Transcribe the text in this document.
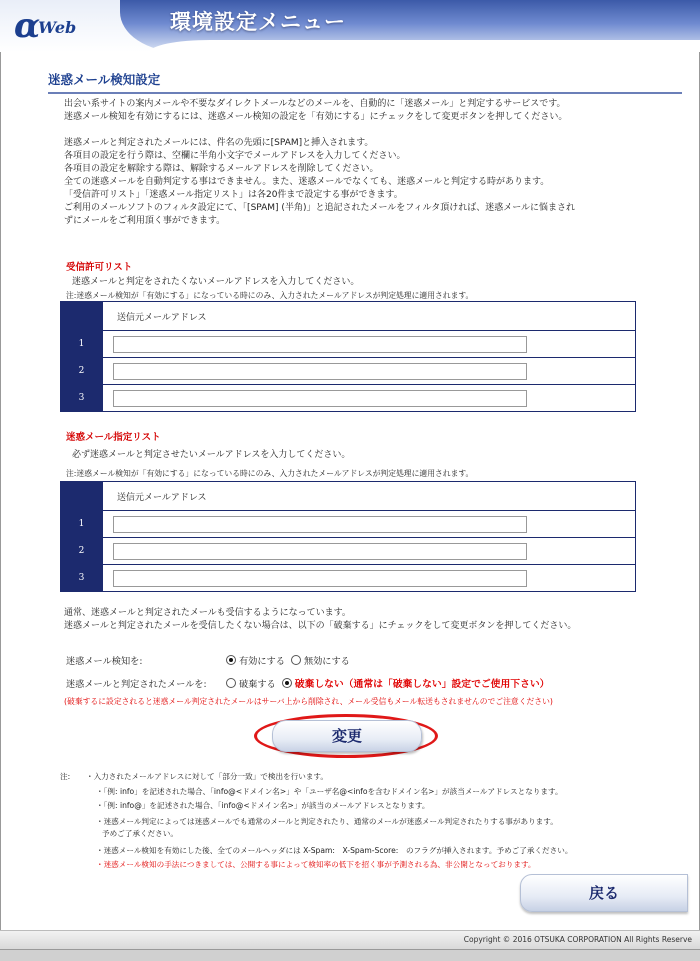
αWeb	環境設定メニュー
迷惑メール検知設定

出会い系サイトの案内メールや不要なダイレクトメールなどのメールを、自動的に「迷惑メール」と判定するサービスです。

迷惑メール検知を有効にするには、迷惑メール検知の設定を「有効にする」にチェックをして変更ボタンを押してください。

迷惑メールと判定されたメールには、件名の先頭に[SPAM]と挿入されます。

各項目の設定を行う際は、空欄に半角小文字でメールアドレスを入力してください。

各項目の設定を解除する際は、解除するメールアドレスを削除してください。

全ての迷惑メールを自動判定する事はできません。また、迷惑メールでなくても、迷惑メールと判定する時があります。

「受信許可リスト」「迷惑メール指定リスト」は各20件まで設定する事ができます。

ご利用のメールソフトのフィルタ設定にて、「[SPAM] (半角)」と追記されたメールをフィルタ頂ければ、迷惑メールに悩まされ

ずにメールをご利用頂く事ができます。

受信許可リスト
迷惑メールと判定をされたくないメールアドレスを入力してください。
注:迷惑メール検知が「有効にする」になっている時にのみ、入力されたメールアドレスが判定処理に適用されます。
	送信元メールアドレス
1	
2	
3	
迷惑メール指定リスト
必ず迷惑メールと判定させたいメールアドレスを入力してください。
注:迷惑メール検知が「有効にする」になっている時にのみ、入力されたメールアドレスが判定処理に適用されます。
	送信元メールアドレス
1	
2	
3	

通常、迷惑メールと判定されたメールも受信するようになっています。

迷惑メールと判定されたメールを受信したくない場合は、以下の「破棄する」にチェックをして変更ボタンを押してください。

迷惑メール検知を:	有効にする 無効にする
迷惑メールと判定されたメールを:	破棄する 破棄しない（通常は「破棄しない」設定でご使用下さい）
(破棄するに設定されると迷惑メール判定されたメールはサーバ上から削除され、メール受信もメール転送もされませんのでご注意ください)
変更
注:	・入力されたメールアドレスに対して「部分一致」で検出を行います。
・「例: info」を記述された場合、「info@<ドメイン名>」や「ユーザ名@<infoを含むドメイン名>」が該当メールアドレスとなります。
・「例: info@」を記述された場合、「info@<ドメイン名>」が該当のメールアドレスとなります。
・迷惑メール判定によっては迷惑メールでも通常のメールと判定されたり、通常のメールが迷惑メール判定されたりする事があります。
予めご了承ください。
・迷惑メール検知を有効にした後、全てのメールヘッダには X-Spam:　X-Spam-Score:　のフラグが挿入されます。予めご了承ください。
・迷惑メール検知の手法につきましては、公開する事によって検知率の低下を招く事が予測される為、非公開となっております。
戻る
Copyright © 2016 OTSUKA CORPORATION All Rights Reserve
